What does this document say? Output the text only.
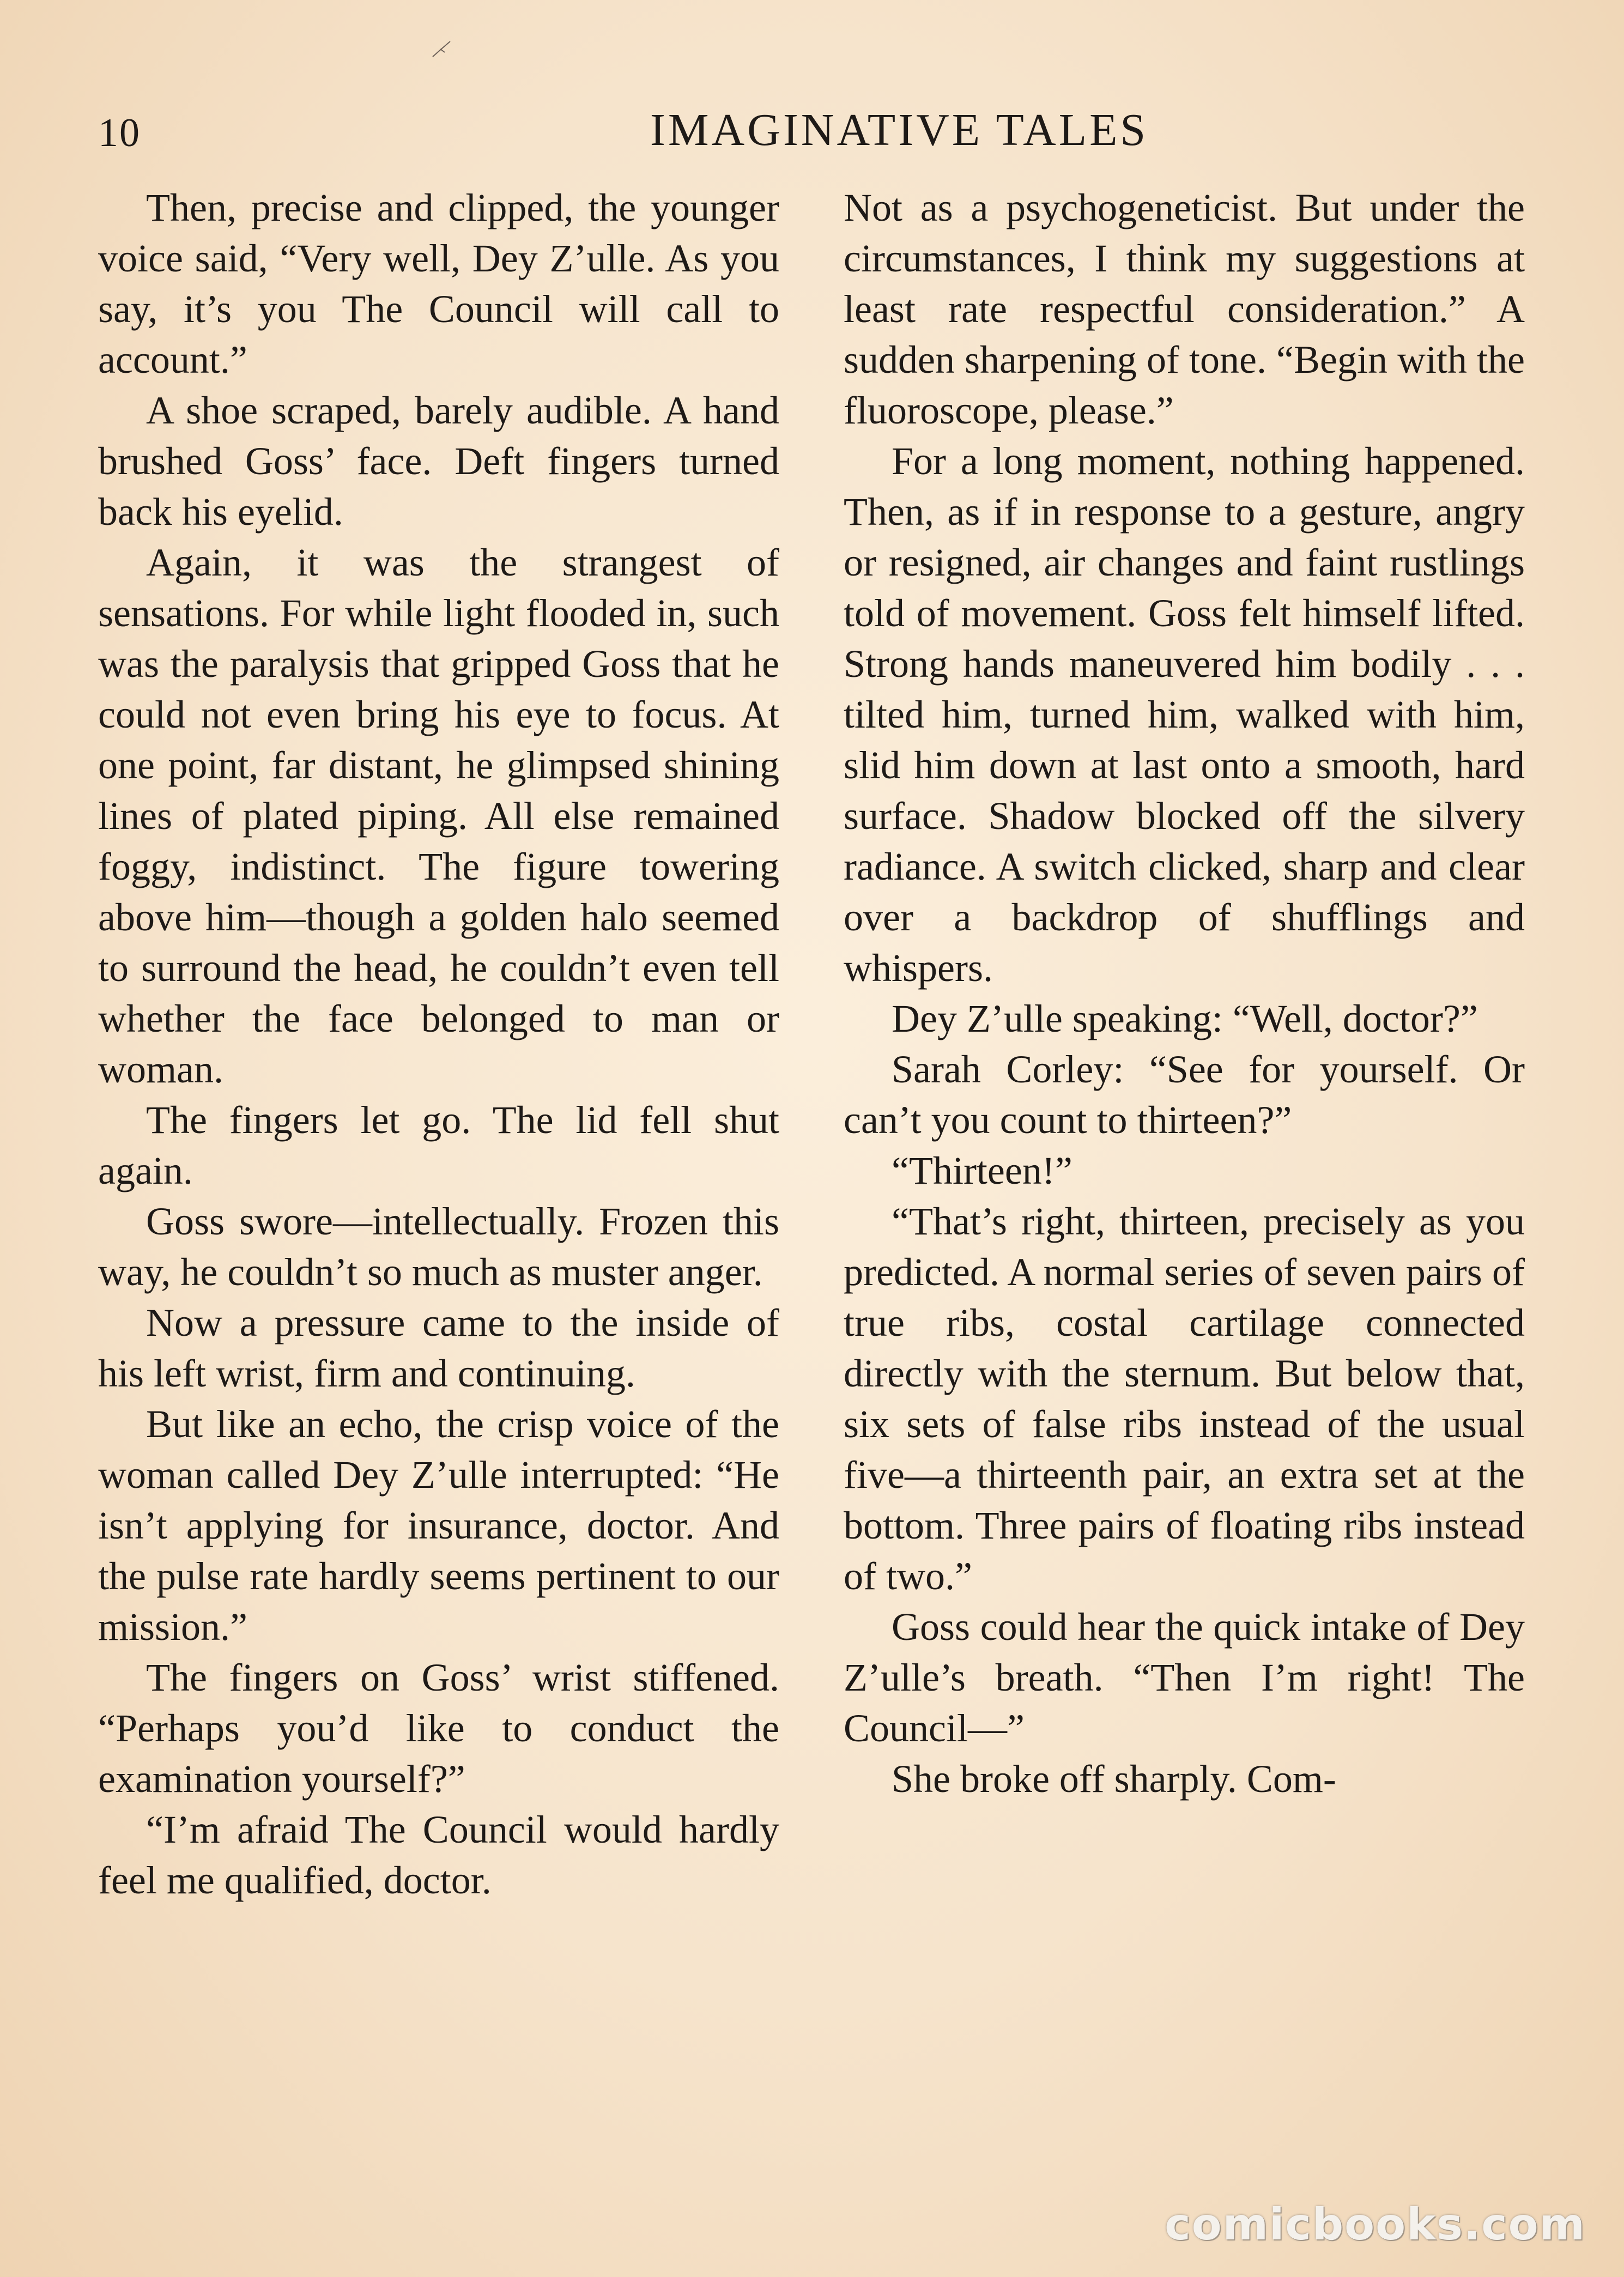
10	IMAGINATIVE TALES

Then, precise and clipped, the younger voice said, “Very well, Dey Z’ulle. As you say, it’s you The Council will call to account.”

A shoe scraped, barely audible. A hand brushed Goss’ face. Deft fingers turned back his eyelid.

Again, it was the strangest of sensations. For while light flooded in, such was the paralysis that gripped Goss that he could not even bring his eye to focus. At one point, far distant, he glimpsed shining lines of plated piping. All else remained foggy, indistinct. The figure towering above him—though a golden halo seemed to surround the head, he couldn’t even tell whether the face belonged to man or woman.

The fingers let go. The lid fell shut again.

Goss swore—intellectually. Frozen this way, he couldn’t so much as muster anger.

Now a pressure came to the inside of his left wrist, firm and continuing.

But like an echo, the crisp voice of the woman called Dey Z’ulle interrupted: “He isn’t applying for insurance, doctor. And the pulse rate hardly seems pertinent to our mission.”

The fingers on Goss’ wrist stiffened. “Perhaps you’d like to conduct the examination yourself?”

“I’m afraid The Council would hardly feel me qualified, doctor.

Not as a psychogeneticist. But under the circumstances, I think my suggestions at least rate respectful consideration.” A sudden sharpening of tone. “Begin with the fluoroscope, please.”

For a long moment, nothing happened. Then, as if in response to a gesture, angry or resigned, air changes and faint rustlings told of movement. Goss felt himself lifted. Strong hands maneuvered him bodily . . . tilted him, turned him, walked with him, slid him down at last onto a smooth, hard surface. Shadow blocked off the silvery radiance. A switch clicked, sharp and clear over a backdrop of shufflings and whispers.

Dey Z’ulle speaking: “Well, doctor?”

Sarah Corley: “See for yourself. Or can’t you count to thirteen?”

“Thirteen!”

“That’s right, thirteen, precisely as you predicted. A normal series of seven pairs of true ribs, costal cartilage connected directly with the sternum. But below that, six sets of false ribs instead of the usual five—a thirteenth pair, an extra set at the bottom. Three pairs of floating ribs instead of two.”

Goss could hear the quick intake of Dey Z’ulle’s breath. “Then I’m right! The Council—”

She broke off sharply. Com-

comicbooks.com
